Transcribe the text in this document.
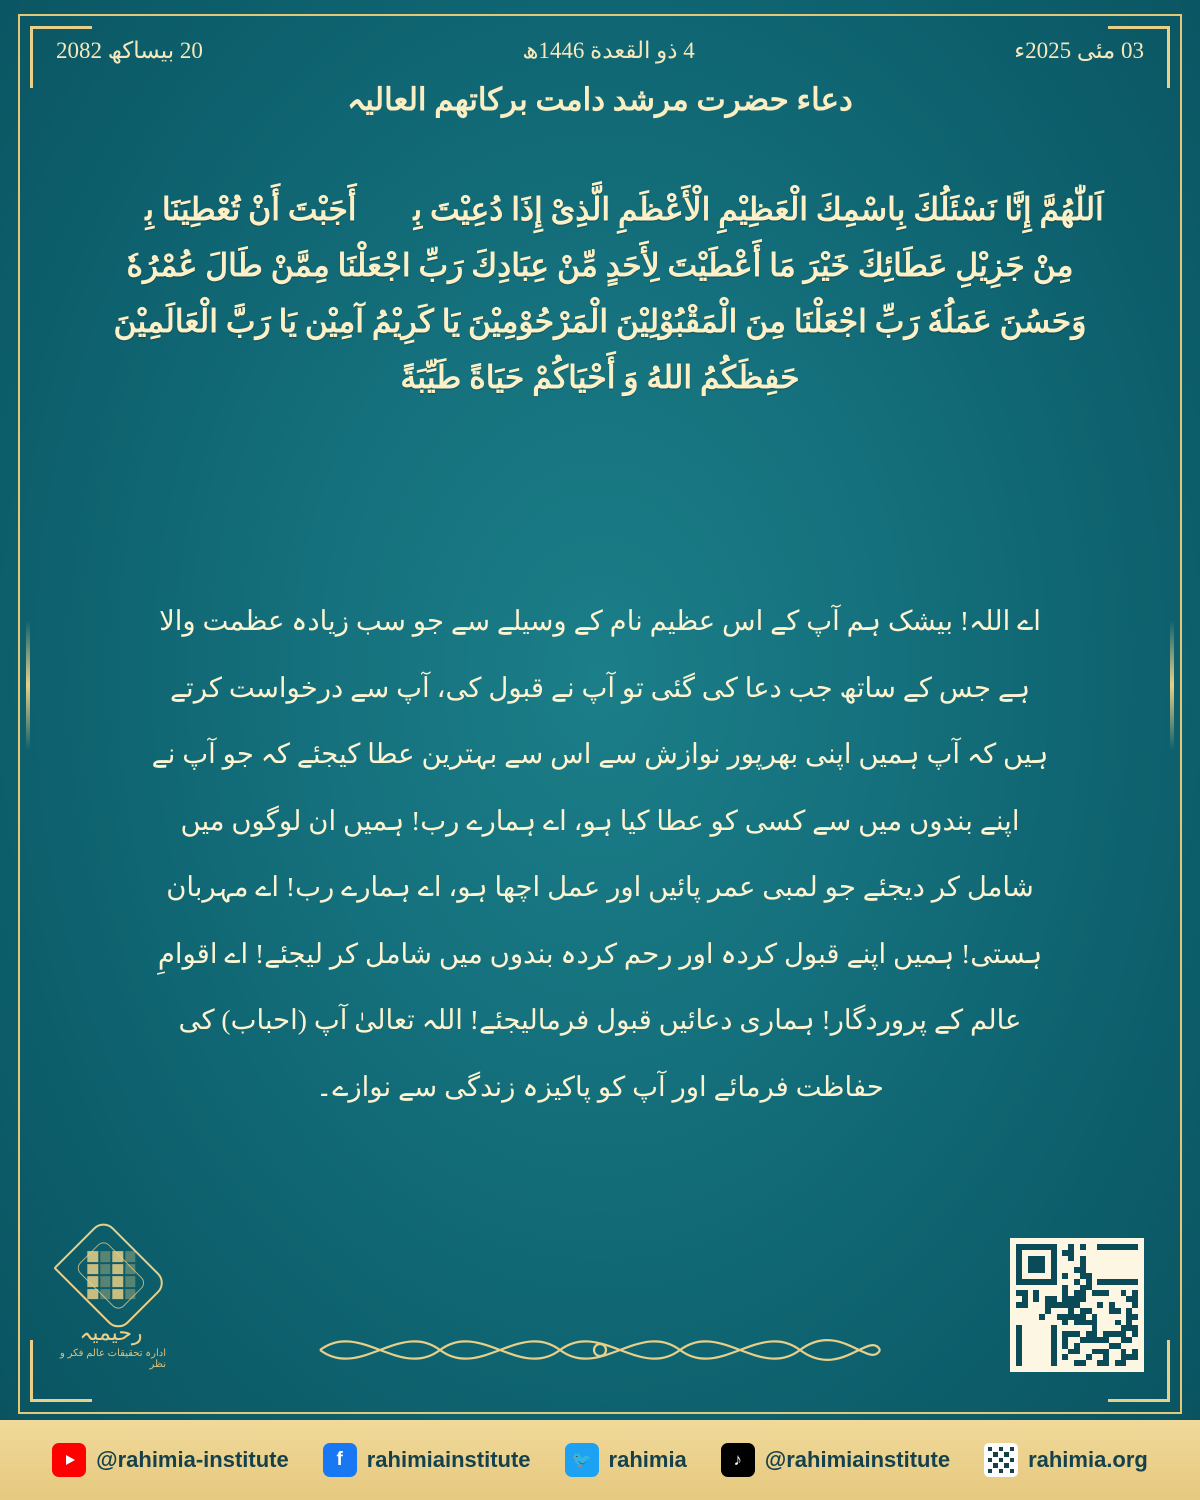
03 مئی 2025ء
4 ذو القعدة 1446ھ
20 بیساکھ 2082
دعاء حضرت مرشد دامت بركاتهم العالیہ
اَللّٰهُمَّ إِنَّا نَسْئَلُكَ بِاسْمِكَ الْعَظِيْمِ الْأَعْظَمِ الَّذِىْ إِذَا دُعِيْتَ بِهٖ أَجَبْتَ أَنْ تُعْطِيَنَا بِهٖ مِنْ جَزِيْلِ عَطَائِكَ خَيْرَ مَا أَعْطَيْتَ لِأَحَدٍ مِّنْ عِبَادِكَ رَبِّ اجْعَلْنَا مِمَّنْ طَالَ عُمْرُهٗ وَحَسُنَ عَمَلُهٗ رَبِّ اجْعَلْنَا مِنَ الْمَقْبُوْلِيْنَ الْمَرْحُوْمِيْنَ يَا كَرِيْمُ آمِيْن يَا رَبَّ الْعَالَمِيْنَ حَفِظَكُمُ اللهُ وَ أَحْيَاكُمْ حَيَاةً طَيِّبَةً
اے اللہ! بیشک ہم آپ کے اس عظیم نام کے وسیلے سے جو سب زیادہ عظمت والا ہے جس کے ساتھ جب دعا کی گئی تو آپ نے قبول کی، آپ سے درخواست کرتے ہیں کہ آپ ہمیں اپنی بھرپور نوازش سے اس سے بہترین عطا کیجئے کہ جو آپ نے اپنے بندوں میں سے کسی کو عطا کیا ہو، اے ہمارے رب! ہمیں ان لوگوں میں شامل کر دیجئے جو لمبی عمر پائیں اور عمل اچھا ہو، اے ہمارے رب! اے مہربان ہستی! ہمیں اپنے قبول کردہ اور رحم کردہ بندوں میں شامل کر لیجئے! اے اقوامِ عالم کے پروردگار! ہماری دعائیں قبول فرمالیجئے! اللہ تعالیٰ آپ (احباب) کی حفاظت فرمائے اور آپ کو پاکیزہ زندگی سے نوازے۔
رحیمیہ
ادارہ تحقیقات عالم فکر و نظر
@rahimia-institute	f	rahimiainstitute	🐦 rahimia	♪	@rahimiainstitute	rahimia.org
